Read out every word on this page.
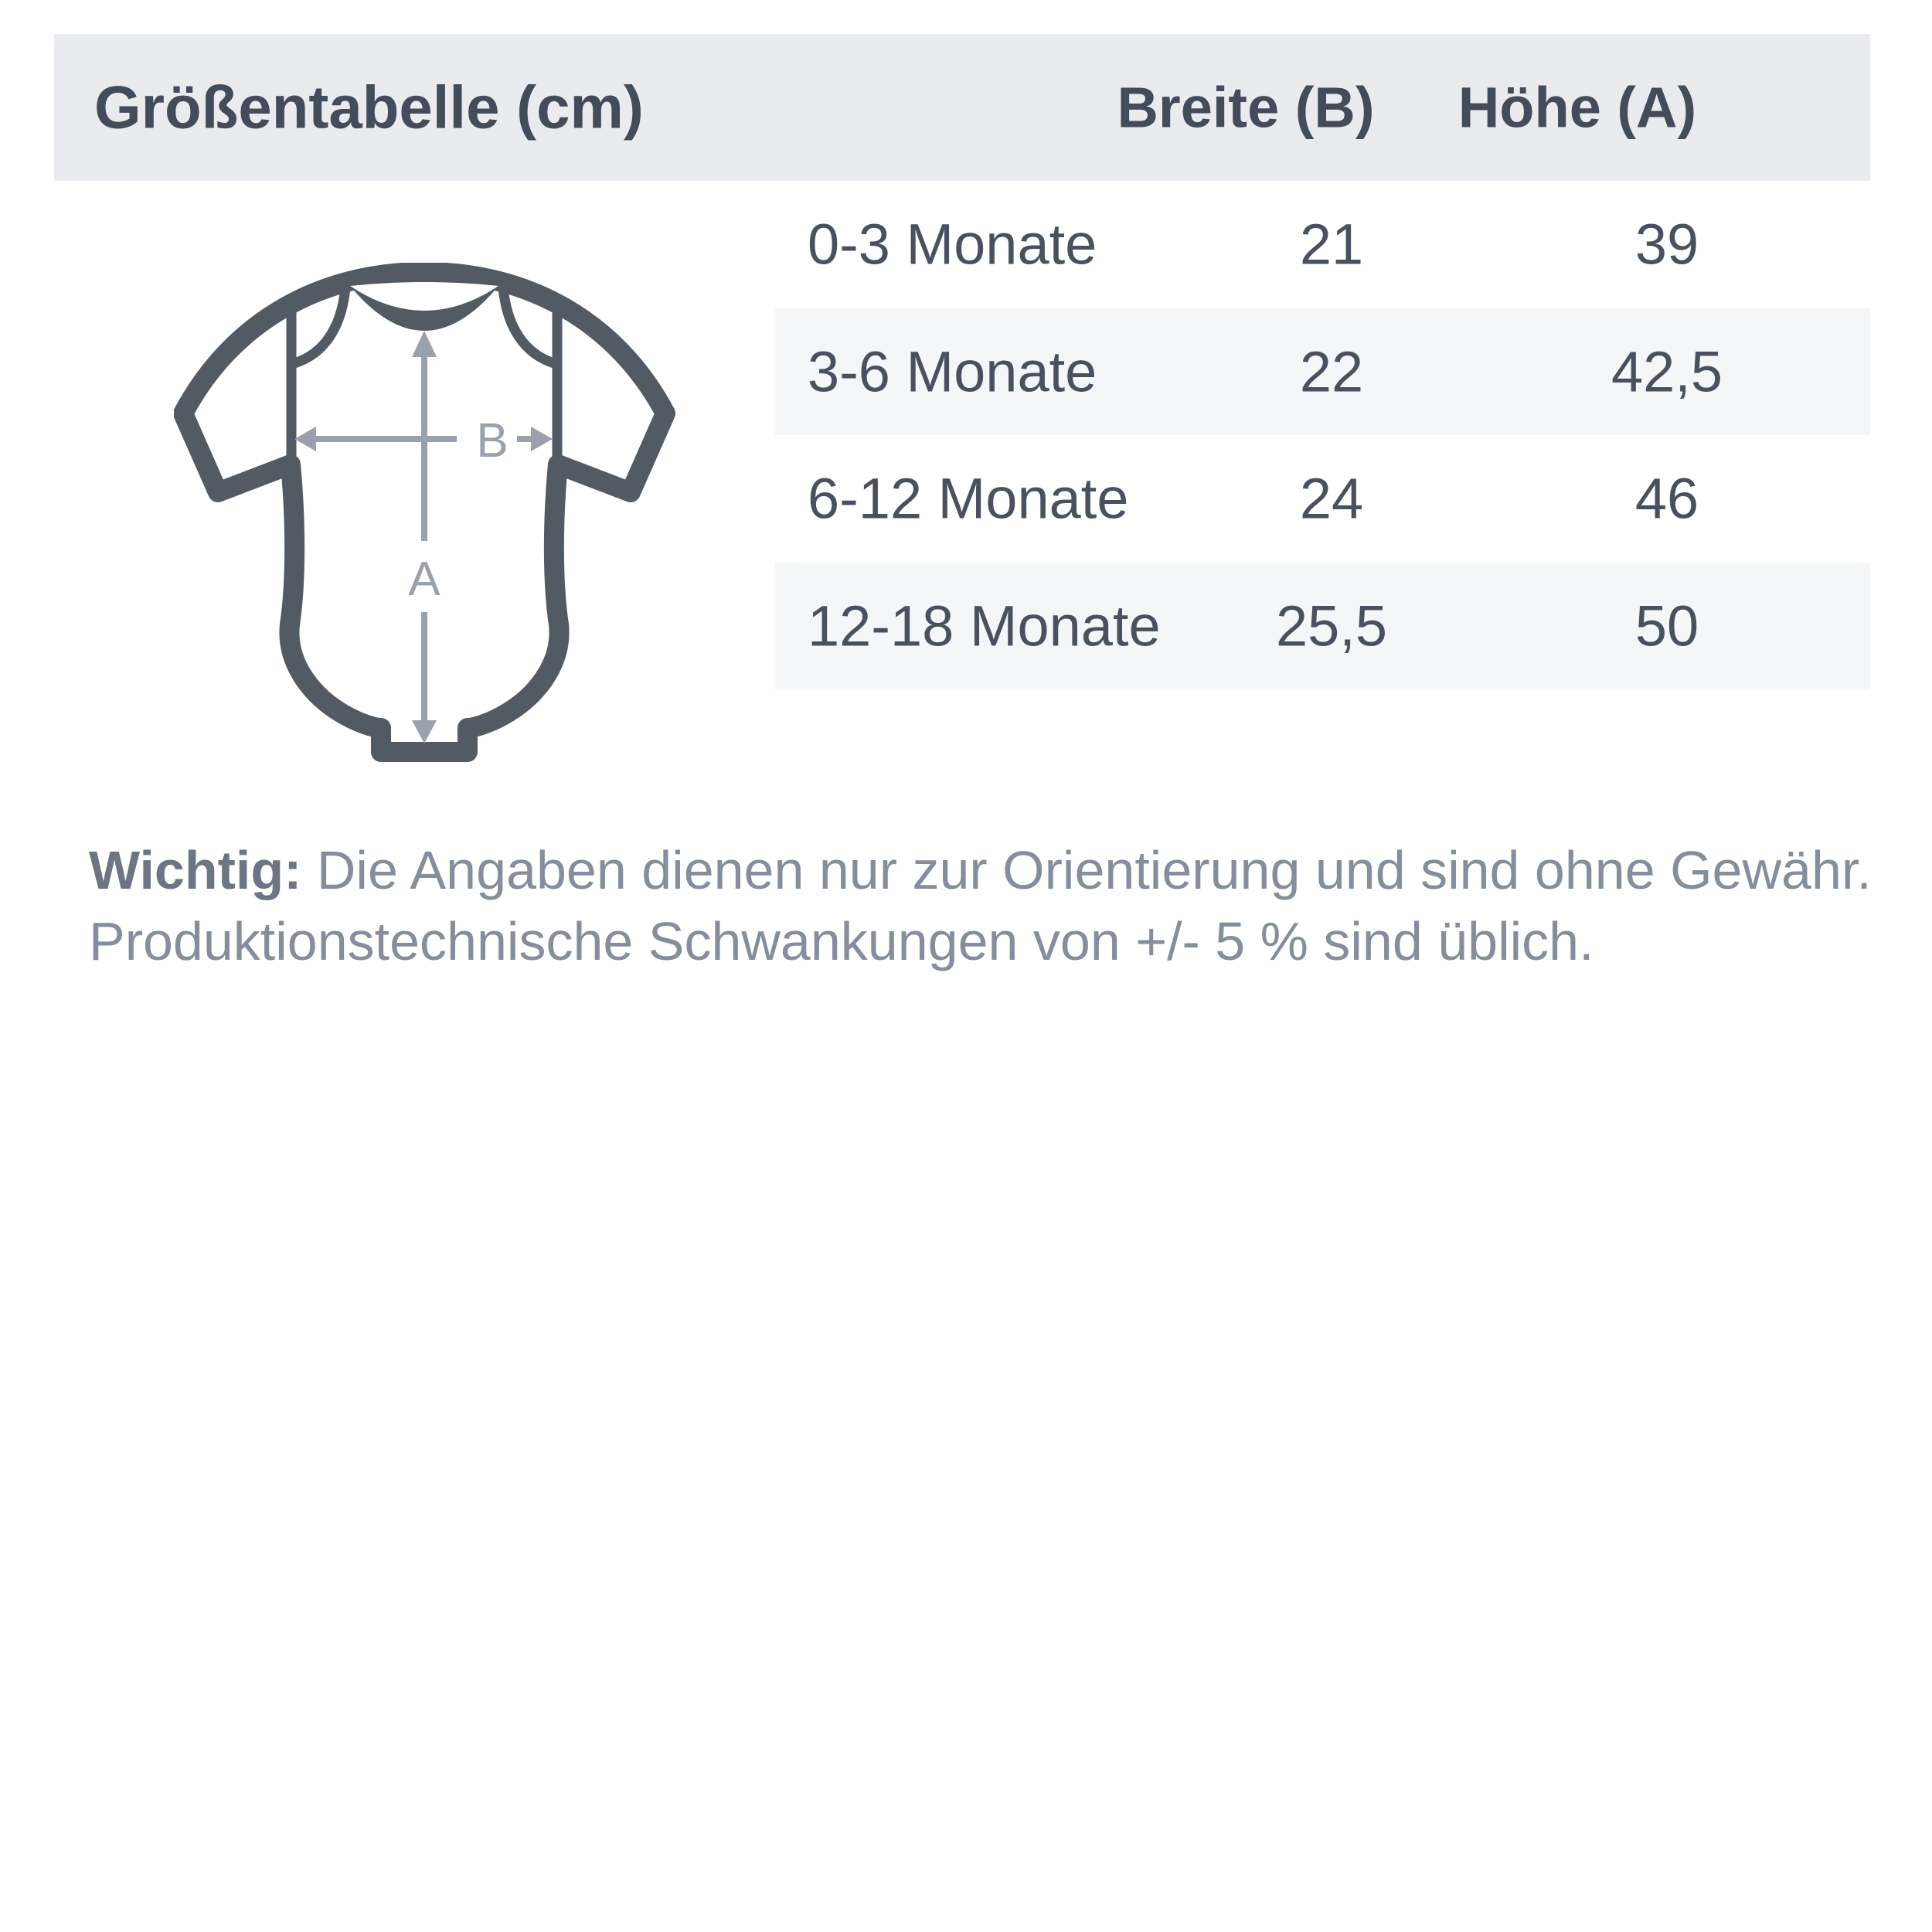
Größentabelle (cm)	Breite (B) Höhe (A)
0-3 Monate	21	39
3-6 Monate	22	42,5
6-12 Monate	24	46
12-18 Monate 25,5	50
A
B
Wichtig: Die Angaben dienen nur zur Orientierung und sind ohne Gewähr.
Produktionstechnische Schwankungen von +/- 5 % sind üblich.
